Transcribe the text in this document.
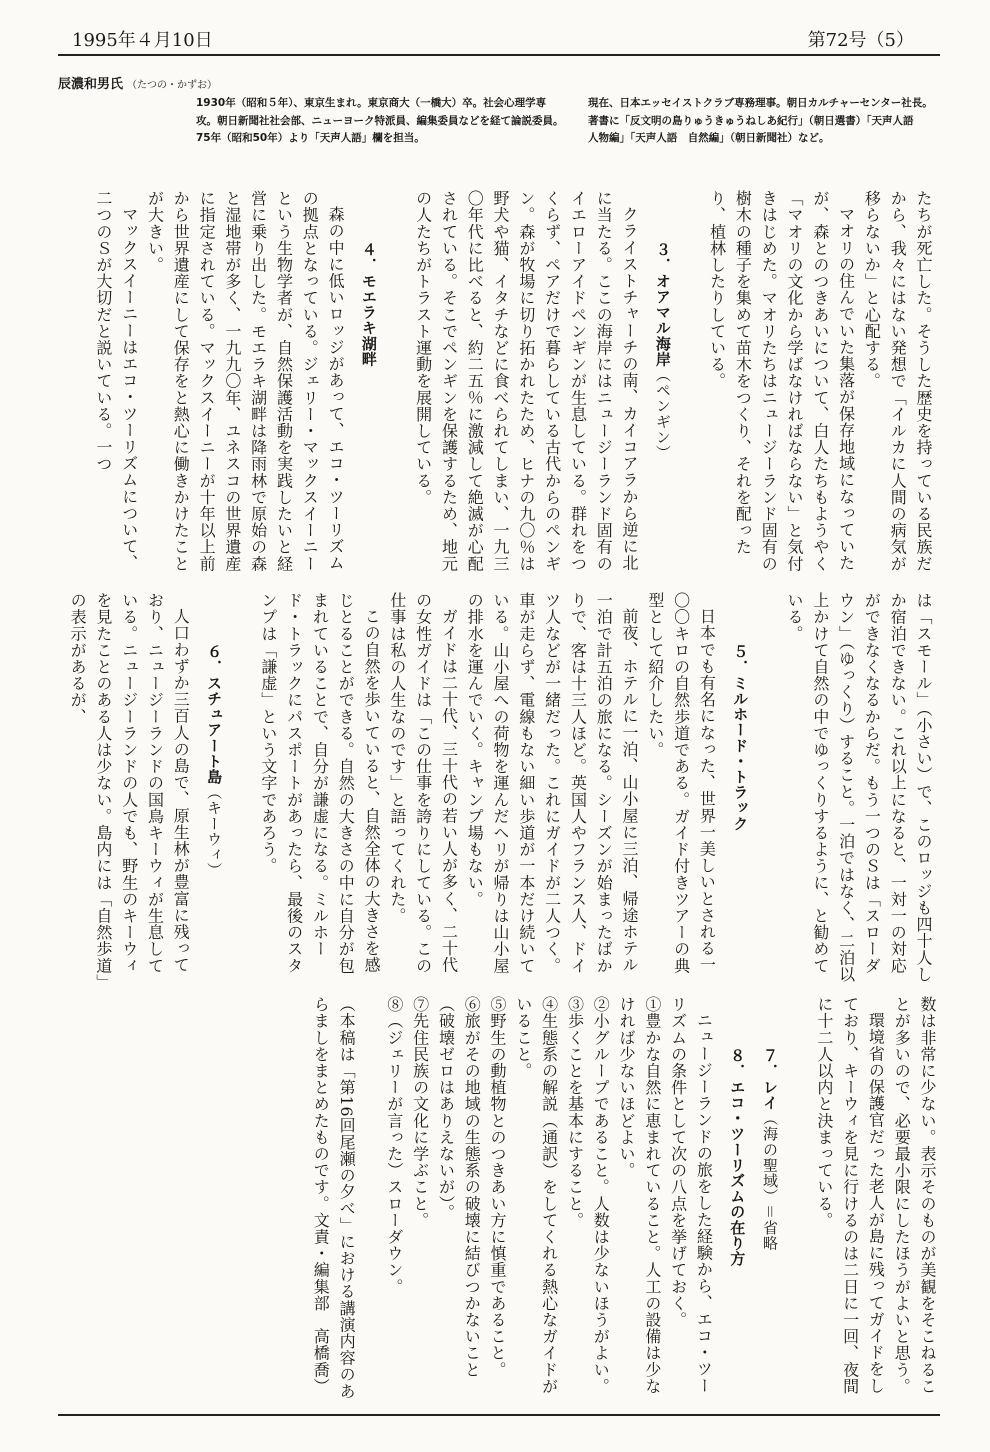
1995年４月10日	第72号（5）
辰濃和男氏 （たつの・かずお）
1930年（昭和５年）、東京生まれ。東京商大（一橋大）卒。社会心理学専攻。朝日新聞社社会部、ニューヨーク特派員、編集委員などを経て論説委員。75年（昭和50年）より「天声人語」欄を担当。
現在、日本エッセイストクラブ専務理事。朝日カルチャーセンター社長。著書に「反文明の島りゅうきゅうねしあ紀行」（朝日選書）「天声人語　人物編」「天声人語　自然編」（朝日新聞社）など。

たちが死亡した。そうした歴史を持っている民族だから、我々にはない発想で「イルカに人間の病気が移らないか」と心配する。

マオリの住んでいた集落が保存地域になっていたが、森とのつきあいについて、白人たちもようやく「マオリの文化から学ばなければならない」と気付きはじめた。マオリたちはニュージーランド固有の樹木の種子を集めて苗木をつくり、それを配ったり、植林したりしている。

３．オアマル海岸（ペンギン）

クライストチャーチの南、カイコアラから逆に北に当たる。ここの海岸にはニュージーランド固有のイエローアイドペンギンが生息している。群れをつくらず、ペアだけで暮らしている古代からのペンギン。森が牧場に切り拓かれたため、ヒナの九〇％は野犬や猫、イタチなどに食べられてしまい、一九三〇年代に比べると、約二五％に激減して絶滅が心配されている。そこでペンギンを保護するため、地元の人たちがトラスト運動を展開している。

４．モエラキ湖畔

森の中に低いロッジがあって、エコ・ツーリズムの拠点となっている。ジェリー・マックスイーニーという生物学者が、自然保護活動を実践したいと経営に乗り出した。モエラキ湖畔は降雨林で原始の森と湿地帯が多く、一九九〇年、ユネスコの世界遺産に指定されている。マックスイーニーが十年以上前から世界遺産にして保存をと熱心に働きかけたことが大きい。

マックスイーニーはエコ・ツーリズムについて、二つのＳが大切だと説いている。一つ

は「スモール」（小さい）で、このロッジも四十人しか宿泊できない。これ以上になると、一対一の対応ができなくなるからだ。もう一つのＳは「スローダウン」（ゆっくり）すること。一泊ではなく、二泊以上かけて自然の中でゆっくりするように、と勧めている。

５．ミルホード・トラック

日本でも有名になった、世界一美しいとされる一〇〇キロの自然歩道である。ガイド付きツアーの典型として紹介したい。

前夜、ホテルに一泊、山小屋に三泊、帰途ホテル一泊で計五泊の旅になる。シーズンが始まったばかりで、客は十三人ほど。英国人やフランス人、ドイツ人などが一緒だった。これにガイドが二人つく。車が走らず、電線もない細い歩道が一本だけ続いている。山小屋への荷物を運んだヘリが帰りは山小屋の排水を運んでいく。キャンプ場もない。

ガイドは二十代、三十代の若い人が多く、二十代の女性ガイドは「この仕事を誇りにしている。この仕事は私の人生なのです」と語ってくれた。

この自然を歩いていると、自然全体の大きさを感じとることができる。自然の大きさの中に自分が包まれていることで、自分が謙虚になる。ミルホード・トラックにパスポートがあったら、最後のスタンプは「謙虚」という文字であろう。

６．スチュアート島（キーウィ）

人口わずか三百人の島で、原生林が豊富に残っており、ニュージーランドの国鳥キーウィが生息している。ニュージーランドの人でも、野生のキーウィを見たことのある人は少ない。島内には「自然歩道」の表示があるが、

数は非常に少ない。表示そのものが美観をそこねることが多いので、必要最小限にしたほうがよいと思う。

環境省の保護官だった老人が島に残ってガイドをしており、キーウィを見に行けるのは二日に一回、夜間に十二人以内と決まっている。

７．レイ（海の聖域）＝省略
８．エコ・ツーリズムの在り方

ニュージーランドの旅をした経験から、エコ・ツーリズムの条件として次の八点を挙げておく。

①豊かな自然に恵まれていること。人工の設備は少なければ少ないほどよい。

②小グループであること。人数は少ないほうがよい。

③歩くことを基本にすること。

④生態系の解説（通訳）をしてくれる熱心なガイドがいること。

⑤野生の動植物とのつきあい方に慎重であること。

⑥旅がその地域の生態系の破壊に結びつかないこと（破壊ゼロはありえないが）。

⑦先住民族の文化に学ぶこと。

⑧（ジェリーが言った）スローダウン。

（本稿は「第16回尾瀬の夕べ」における講演内容のあらましをまとめたものです。文責・編集部　高橋喬）
